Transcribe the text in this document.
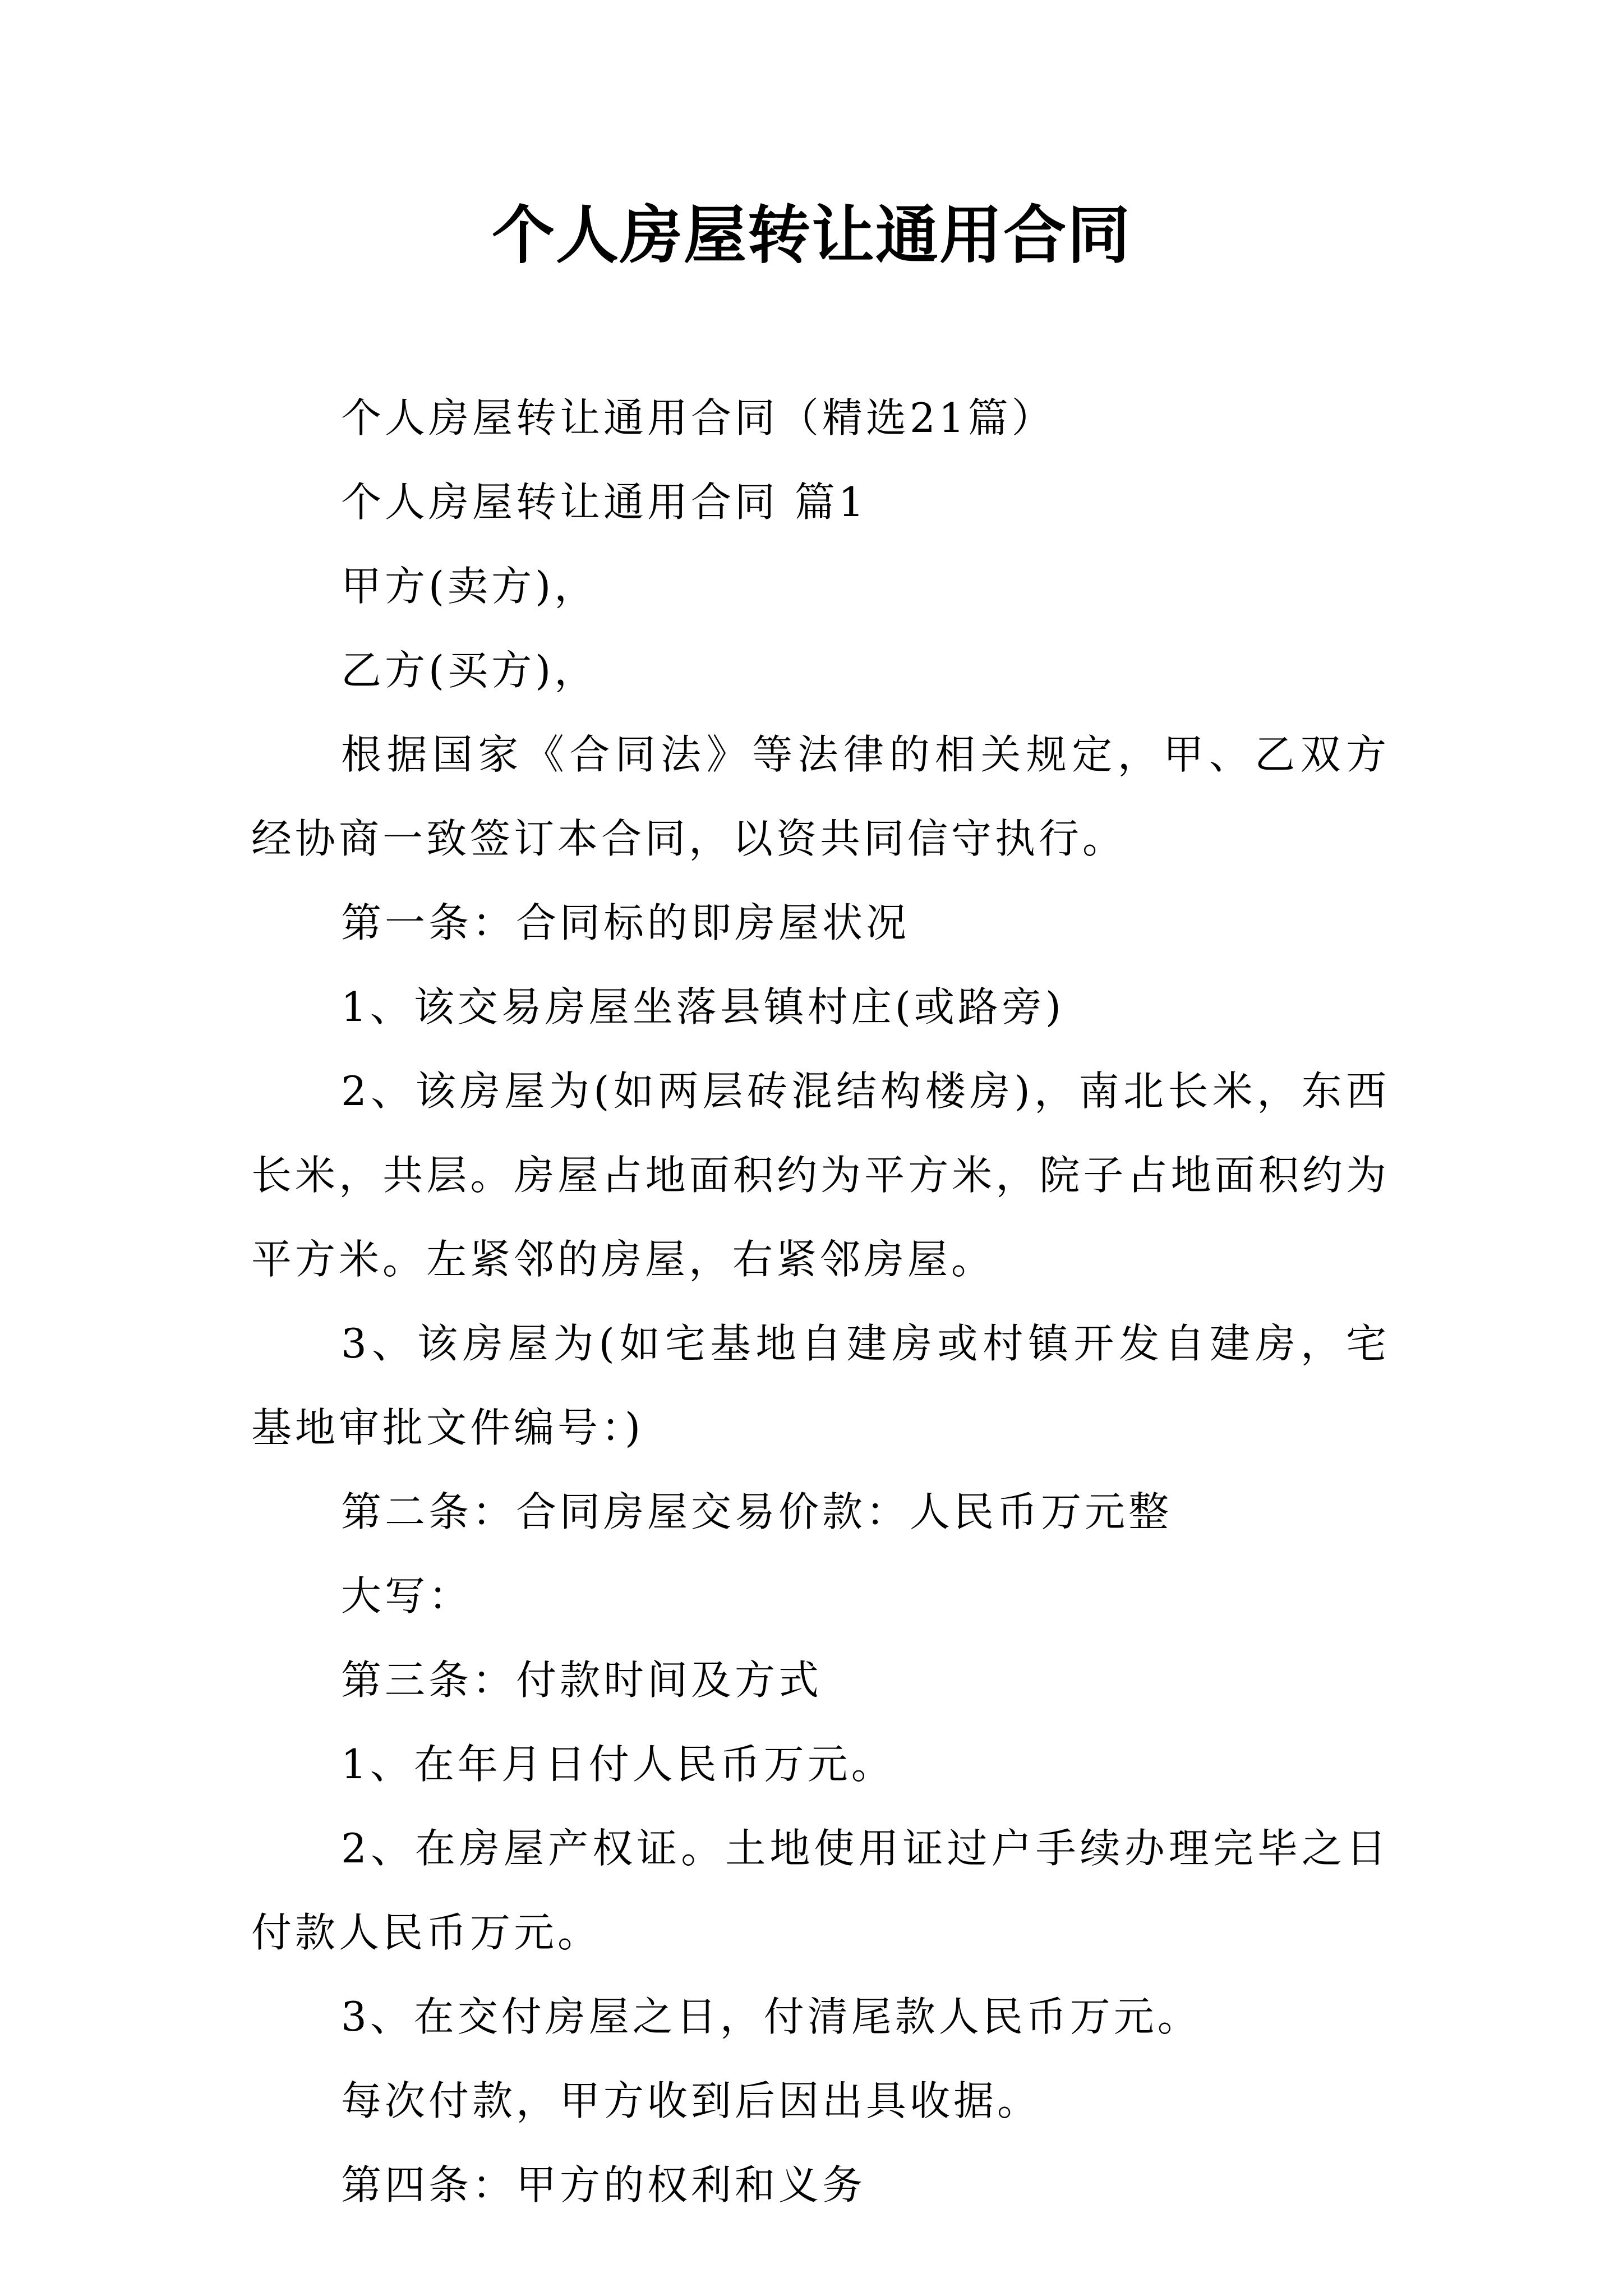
个人房屋转让通用合同

个人房屋转让通用合同（精选21篇）

个人房屋转让通用合同 篇1

甲方(卖方)，

乙方(买方)，

根据国家《合同法》等法律的相关规定，甲、乙双方经协商一致签订本合同，以资共同信守执行。

第一条：合同标的即房屋状况

1、该交易房屋坐落县镇村庄(或路旁)

2、该房屋为(如两层砖混结构楼房)，南北长米，东西长米，共层。房屋占地面积约为平方米，院子占地面积约为平方米。左紧邻的房屋，右紧邻房屋。

3、该房屋为(如宅基地自建房或村镇开发自建房，宅基地审批文件编号：)

第二条：合同房屋交易价款：人民币万元整

大写：

第三条：付款时间及方式

1、在年月日付人民币万元。

2、在房屋产权证。土地使用证过户手续办理完毕之日付款人民币万元。

3、在交付房屋之日，付清尾款人民币万元。

每次付款，甲方收到后因出具收据。

第四条：甲方的权利和义务
